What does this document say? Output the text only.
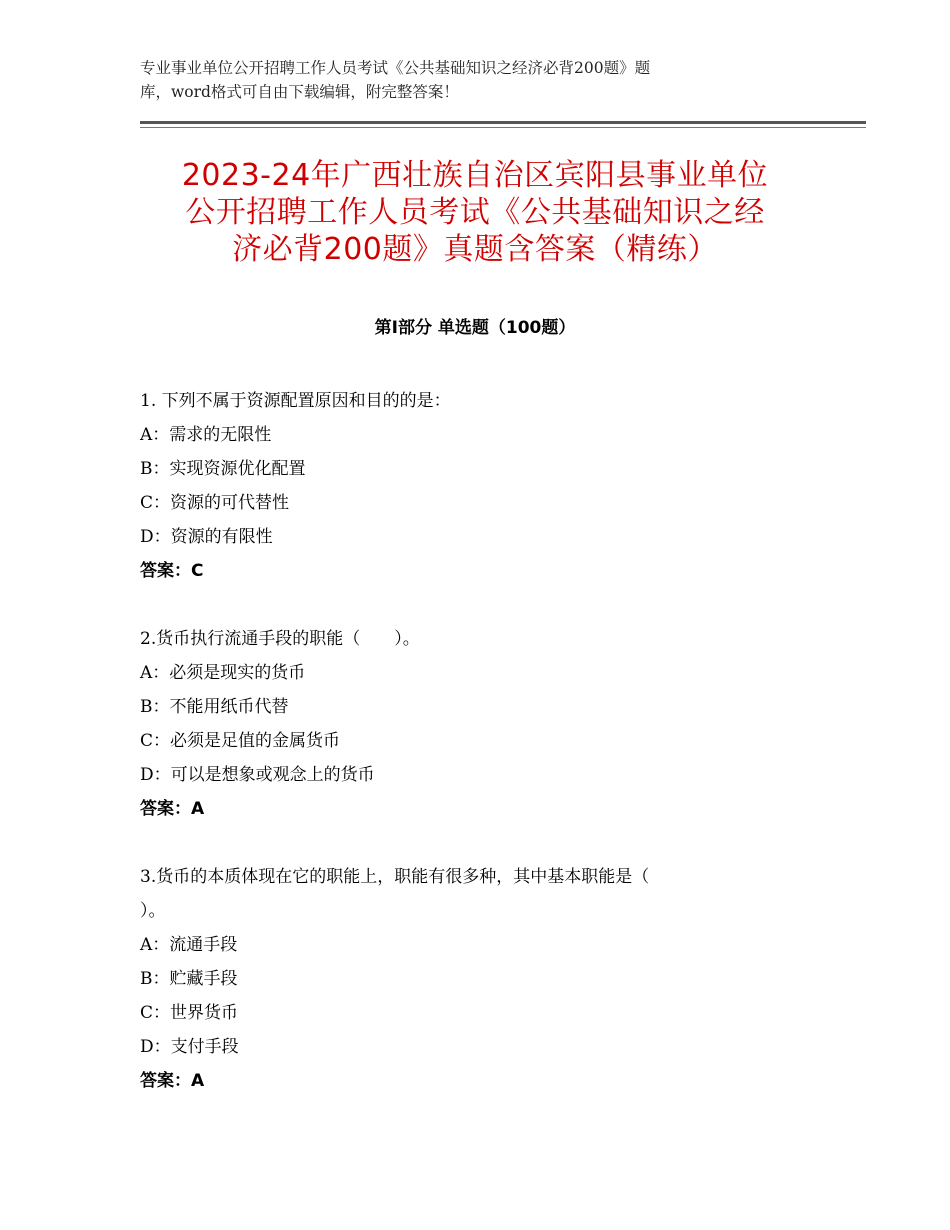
专业事业单位公开招聘工作人员考试《公共基础知识之经济必背200题》题
库，word格式可自由下载编辑，附完整答案！
2023-24年广西壮族自治区宾阳县事业单位
公开招聘工作人员考试《公共基础知识之经
济必背200题》真题含答案（精练）
第Ⅰ部分 单选题（100题）
1. 下列不属于资源配置原因和目的的是：
A：需求的无限性
B：实现资源优化配置
C：资源的可代替性
D：资源的有限性
答案：C
2.货币执行流通手段的职能（　　）。
A：必须是现实的货币
B：不能用纸币代替
C：必须是足值的金属货币
D：可以是想象或观念上的货币
答案：A
3.货币的本质体现在它的职能上，职能有很多种，其中基本职能是（
）。
A：流通手段
B：贮藏手段
C：世界货币
D：支付手段
答案：A
